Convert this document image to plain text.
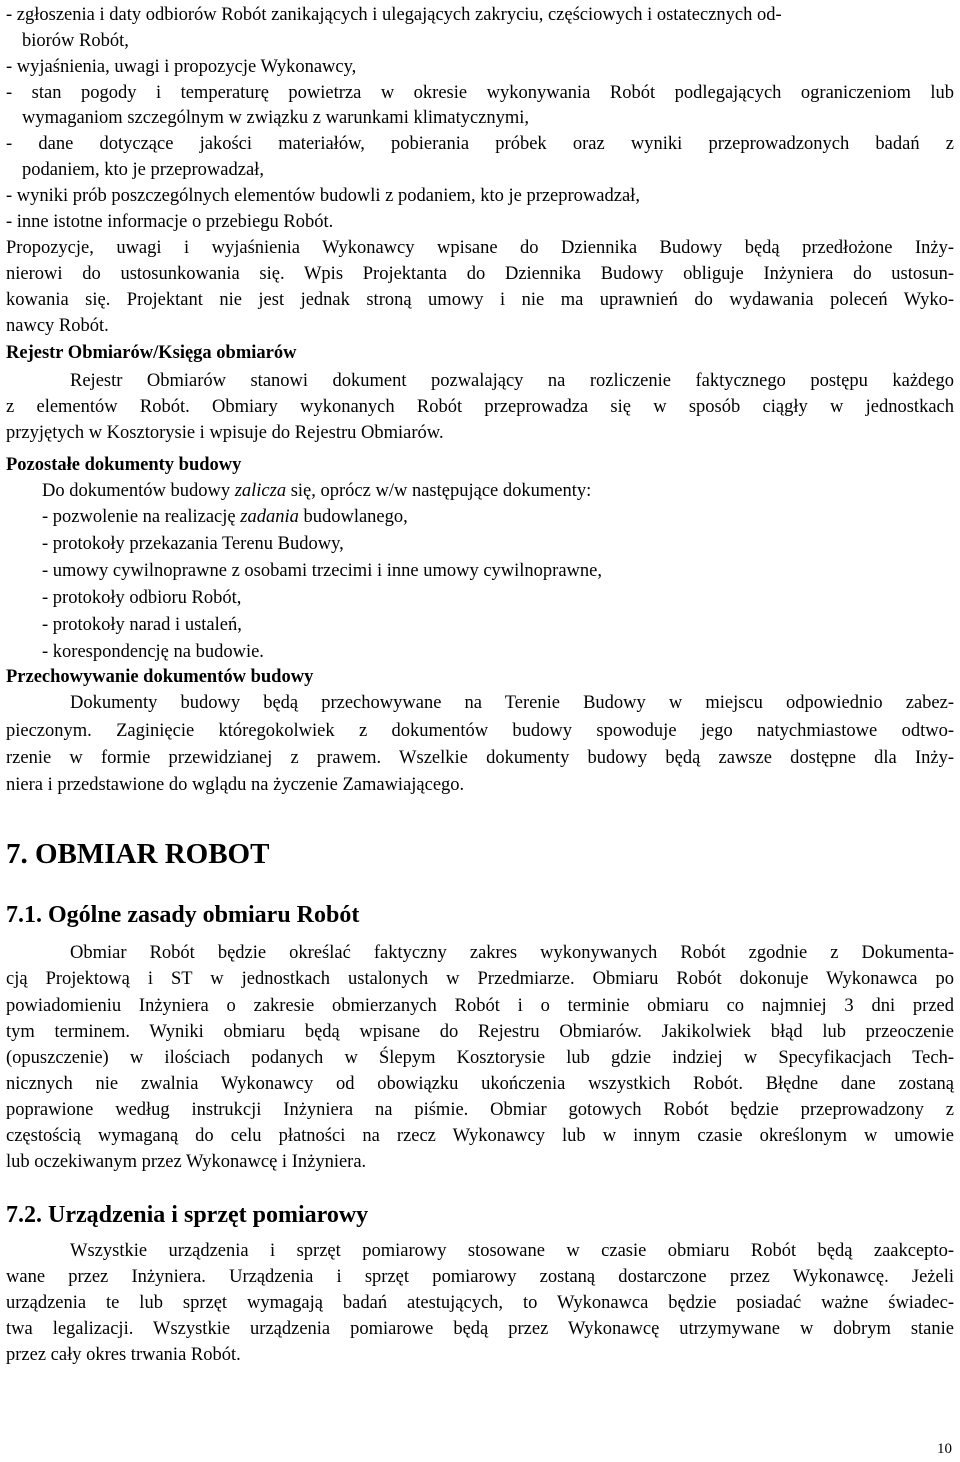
- zgłoszenia i daty odbiorów Robót zanikających i ulegających zakryciu, częściowych i ostatecznych od-
biorów Robót,
- wyjaśnienia, uwagi i propozycje Wykonawcy,
- stan pogody i temperaturę powietrza w okresie wykonywania Robót podlegających ograniczeniom lub
wymaganiom szczególnym w związku z warunkami klimatycznymi,
- dane dotyczące jakości materiałów, pobierania próbek oraz wyniki przeprowadzonych badań z
podaniem, kto je przeprowadzał,
- wyniki prób poszczególnych elementów budowli z podaniem, kto je przeprowadzał,
- inne istotne informacje o przebiegu Robót.
Propozycje, uwagi i wyjaśnienia Wykonawcy wpisane do Dziennika Budowy będą przedłożone Inży-
nierowi do ustosunkowania się. Wpis Projektanta do Dziennika Budowy obliguje Inżyniera do ustosun-
kowania się. Projektant nie jest jednak stroną umowy i nie ma uprawnień do wydawania poleceń Wyko-
nawcy Robót.
Rejestr Obmiarów/Księga obmiarów
Rejestr Obmiarów stanowi dokument pozwalający na rozliczenie faktycznego postępu każdego
z elementów Robót. Obmiary wykonanych Robót przeprowadza się w sposób ciągły w jednostkach
przyjętych w Kosztorysie i wpisuje do Rejestru Obmiarów.
Pozostałe dokumenty budowy
Do dokumentów budowy zalicza się, oprócz w/w następujące dokumenty:
- pozwolenie na realizację zadania budowlanego,
- protokoły przekazania Terenu Budowy,
- umowy cywilnoprawne z osobami trzecimi i inne umowy cywilnoprawne,
- protokoły odbioru Robót,
- protokoły narad i ustaleń,
- korespondencję na budowie.
Przechowywanie dokumentów budowy
Dokumenty budowy będą przechowywane na Terenie Budowy w miejscu odpowiednio zabez-
pieczonym. Zaginięcie któregokolwiek z dokumentów budowy spowoduje jego natychmiastowe odtwo-
rzenie w formie przewidzianej z prawem. Wszelkie dokumenty budowy będą zawsze dostępne dla Inży-
niera i przedstawione do wglądu na życzenie Zamawiającego.
7. OBMIAR ROBOT
7.1. Ogólne zasady obmiaru Robót
Obmiar Robót będzie określać faktyczny zakres wykonywanych Robót zgodnie z Dokumenta-
cją Projektową i ST w jednostkach ustalonych w Przedmiarze. Obmiaru Robót dokonuje Wykonawca po
powiadomieniu Inżyniera o zakresie obmierzanych Robót i o terminie obmiaru co najmniej 3 dni przed
tym terminem. Wyniki obmiaru będą wpisane do Rejestru Obmiarów. Jakikolwiek błąd lub przeoczenie
(opuszczenie) w ilościach podanych w Ślepym Kosztorysie lub gdzie indziej w Specyfikacjach Tech-
nicznych nie zwalnia Wykonawcy od obowiązku ukończenia wszystkich Robót. Błędne dane zostaną
poprawione według instrukcji Inżyniera na piśmie. Obmiar gotowych Robót będzie przeprowadzony z
częstością wymaganą do celu płatności na rzecz Wykonawcy lub w innym czasie określonym w umowie
lub oczekiwanym przez Wykonawcę i Inżyniera.
7.2. Urządzenia i sprzęt pomiarowy
Wszystkie urządzenia i sprzęt pomiarowy stosowane w czasie obmiaru Robót będą zaakcepto-
wane przez Inżyniera. Urządzenia i sprzęt pomiarowy zostaną dostarczone przez Wykonawcę. Jeżeli
urządzenia te lub sprzęt wymagają badań atestujących, to Wykonawca będzie posiadać ważne świadec-
twa legalizacji. Wszystkie urządzenia pomiarowe będą przez Wykonawcę utrzymywane w dobrym stanie
przez cały okres trwania Robót.
10
